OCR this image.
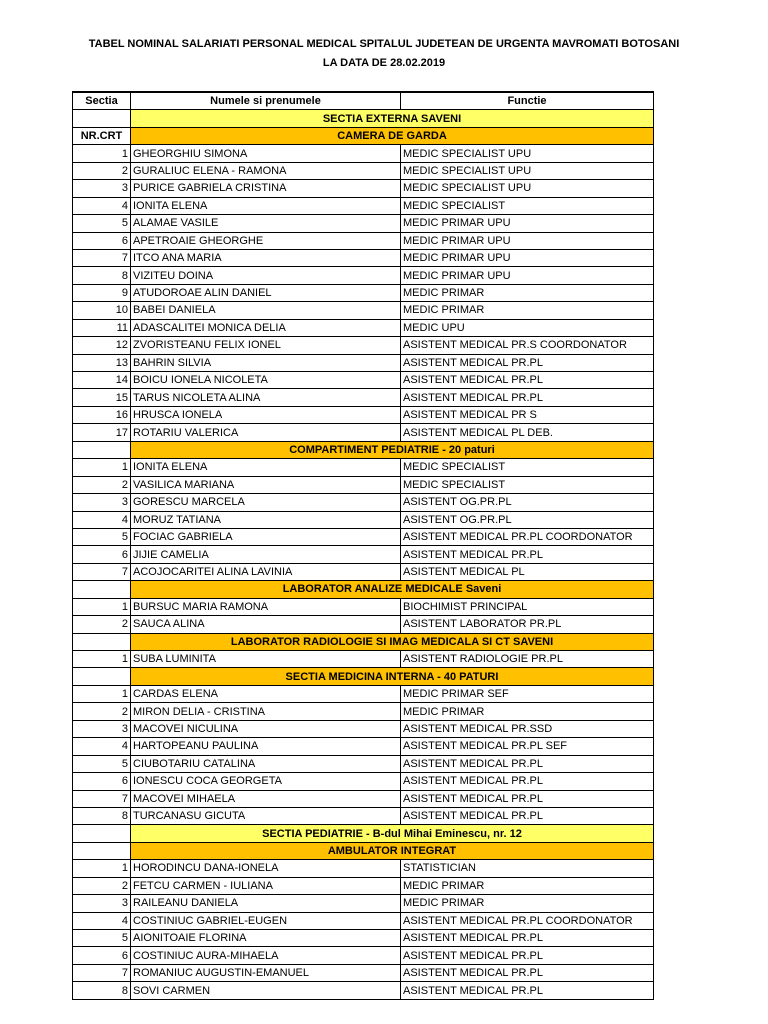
TABEL NOMINAL SALARIATI PERSONAL MEDICAL SPITALUL JUDETEAN DE URGENTA MAVROMATI BOTOSANI
LA DATA DE 28.02.2019
Sectia	Numele si prenumele	Functie
	SECTIA EXTERNA SAVENI	
NR.CRT	CAMERA DE GARDA	
1	GHEORGHIU SIMONA	MEDIC SPECIALIST UPU
2	GURALIUC ELENA - RAMONA	MEDIC SPECIALIST UPU
3	PURICE GABRIELA CRISTINA	MEDIC SPECIALIST UPU
4	IONITA ELENA	MEDIC SPECIALIST
5	ALAMAE VASILE	MEDIC PRIMAR UPU
6	APETROAIE GHEORGHE	MEDIC PRIMAR UPU
7	ITCO ANA MARIA	MEDIC PRIMAR UPU
8	VIZITEU DOINA	MEDIC PRIMAR UPU
9	ATUDOROAE ALIN DANIEL	MEDIC PRIMAR
10	BABEI DANIELA	MEDIC PRIMAR
11	ADASCALITEI MONICA DELIA	MEDIC UPU
12	ZVORISTEANU FELIX IONEL	ASISTENT MEDICAL PR.S COORDONATOR
13	BAHRIN SILVIA	ASISTENT MEDICAL PR.PL
14	BOICU IONELA NICOLETA	ASISTENT MEDICAL PR.PL
15	TARUS NICOLETA ALINA	ASISTENT MEDICAL PR.PL
16	HRUSCA IONELA	ASISTENT MEDICAL PR S
17	ROTARIU VALERICA	ASISTENT MEDICAL PL DEB.
	COMPARTIMENT PEDIATRIE - 20 paturi	
1	IONITA ELENA	MEDIC SPECIALIST
2	VASILICA MARIANA	MEDIC SPECIALIST
3	GORESCU MARCELA	ASISTENT OG.PR.PL
4	MORUZ TATIANA	ASISTENT OG.PR.PL
5	FOCIAC GABRIELA	ASISTENT MEDICAL PR.PL COORDONATOR
6	JIJIE CAMELIA	ASISTENT MEDICAL PR.PL
7	ACOJOCARITEI ALINA LAVINIA	ASISTENT MEDICAL PL
	LABORATOR ANALIZE MEDICALE Saveni	
1	BURSUC MARIA RAMONA	BIOCHIMIST PRINCIPAL
2	SAUCA ALINA	ASISTENT LABORATOR PR.PL
	LABORATOR RADIOLOGIE SI IMAG MEDICALA SI CT SAVENI	
1	SUBA LUMINITA	ASISTENT RADIOLOGIE PR.PL
	SECTIA MEDICINA INTERNA - 40 PATURI	
1	CARDAS ELENA	MEDIC PRIMAR SEF
2	MIRON DELIA - CRISTINA	MEDIC PRIMAR
3	MACOVEI NICULINA	ASISTENT MEDICAL PR.SSD
4	HARTOPEANU PAULINA	ASISTENT MEDICAL PR.PL SEF
5	CIUBOTARIU CATALINA	ASISTENT MEDICAL PR.PL
6	IONESCU COCA GEORGETA	ASISTENT MEDICAL PR.PL
7	MACOVEI MIHAELA	ASISTENT MEDICAL PR.PL
8	TURCANASU GICUTA	ASISTENT MEDICAL PR.PL
	SECTIA PEDIATRIE - B-dul Mihai Eminescu, nr. 12	
	AMBULATOR INTEGRAT	
1	HORODINCU DANA-IONELA	STATISTICIAN
2	FETCU CARMEN - IULIANA	MEDIC PRIMAR
3	RAILEANU DANIELA	MEDIC PRIMAR
4	COSTINIUC GABRIEL-EUGEN	ASISTENT MEDICAL PR.PL COORDONATOR
5	AIONITOAIE FLORINA	ASISTENT MEDICAL PR.PL
6	COSTINIUC AURA-MIHAELA	ASISTENT MEDICAL PR.PL
7	ROMANIUC AUGUSTIN-EMANUEL	ASISTENT MEDICAL PR.PL
8	SOVI CARMEN	ASISTENT MEDICAL PR.PL
